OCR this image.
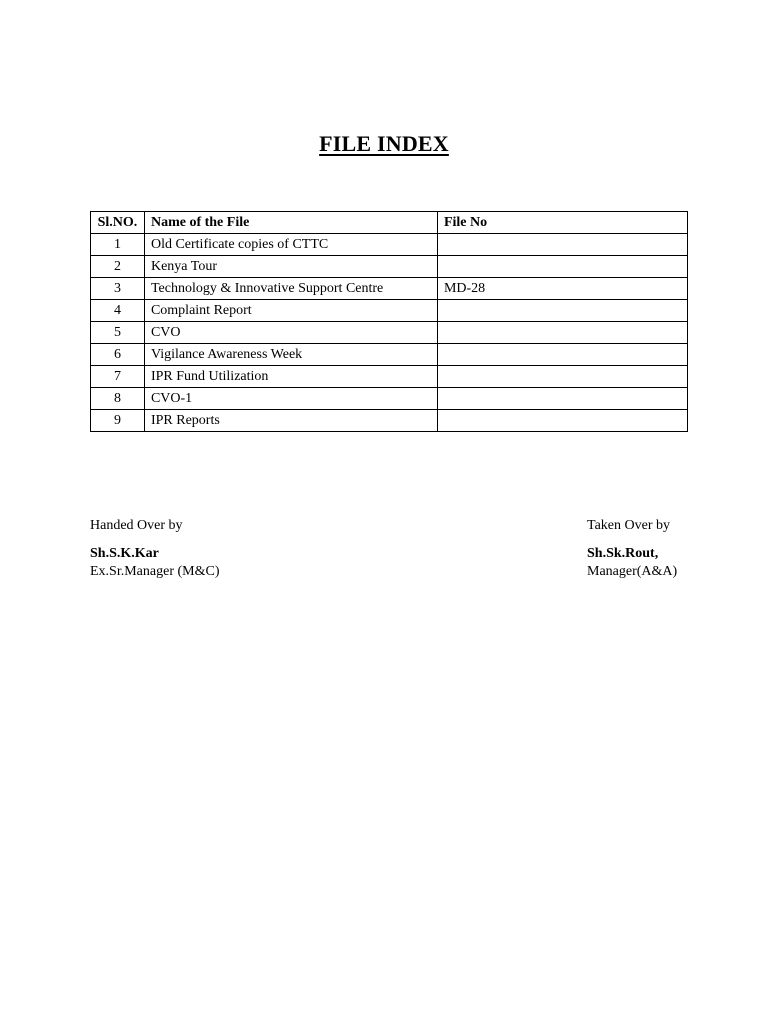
FILE INDEX
Sl.NO.	Name of the File	File No
1	Old Certificate copies of CTTC	
2	Kenya Tour	
3	Technology & Innovative Support Centre	MD-28
4	Complaint Report	
5	CVO	
6	Vigilance Awareness Week	
7	IPR Fund Utilization	
8	CVO-1	
9	IPR Reports	

Handed Over by

Sh.S.K.Kar

Ex.Sr.Manager (M&C)

Taken Over by

Sh.Sk.Rout,

Manager(A&A)
